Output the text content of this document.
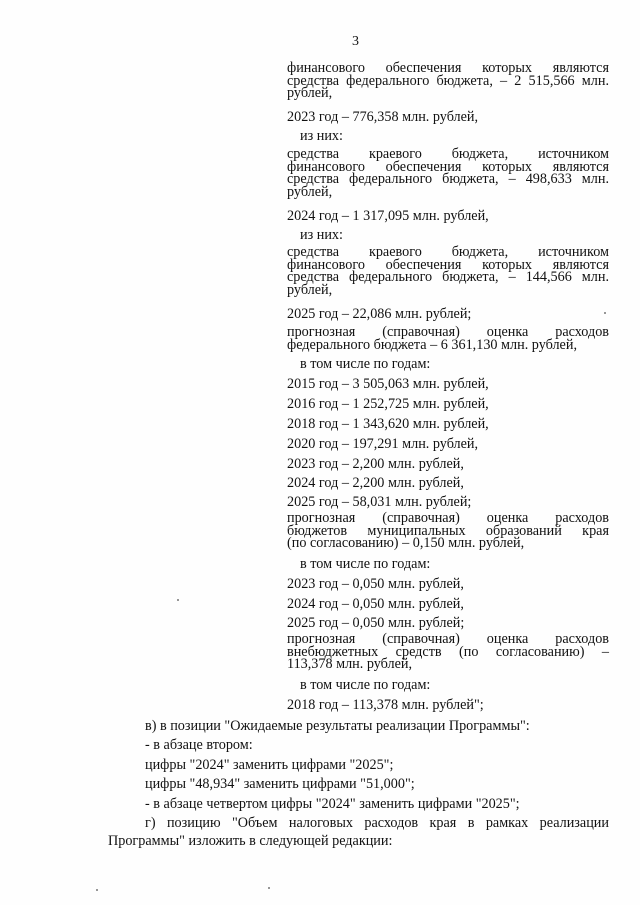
3
финансового обеспечения которых являются
средства федерального бюджета, – 2 515,566 млн.
рублей,
2023 год – 776,358 млн. рублей,
из них:
средства краевого бюджета, источником
финансового обеспечения которых являются
средства федерального бюджета, – 498,633 млн.
рублей,
2024 год – 1 317,095 млн. рублей,
из них:
средства краевого бюджета, источником
финансового обеспечения которых являются
средства федерального бюджета, – 144,566 млн.
рублей,
2025 год – 22,086 млн. рублей;
прогнозная (справочная) оценка расходов
федерального бюджета – 6 361,130 млн. рублей,
в том числе по годам:
2015 год – 3 505,063 млн. рублей,
2016 год – 1 252,725 млн. рублей,
2018 год – 1 343,620 млн. рублей,
2020 год – 197,291 млн. рублей,
2023 год – 2,200 млн. рублей,
2024 год – 2,200 млн. рублей,
2025 год – 58,031 млн. рублей;
прогнозная (справочная) оценка расходов
бюджетов муниципальных образований края
(по согласованию) – 0,150 млн. рублей,
в том числе по годам:
2023 год – 0,050 млн. рублей,
2024 год – 0,050 млн. рублей,
2025 год – 0,050 млн. рублей;
прогнозная (справочная) оценка расходов
внебюджетных средств (по согласованию) –
113,378 млн. рублей,
в том числе по годам:
2018 год – 113,378 млн. рублей";
в) в позиции "Ожидаемые результаты реализации Программы":
- в абзаце втором:
цифры "2024" заменить цифрами "2025";
цифры "48,934" заменить цифрами "51,000";
- в абзаце четвертом цифры "2024" заменить цифрами "2025";
г) позицию "Объем налоговых расходов края в рамках реализации
Программы" изложить в следующей редакции:
